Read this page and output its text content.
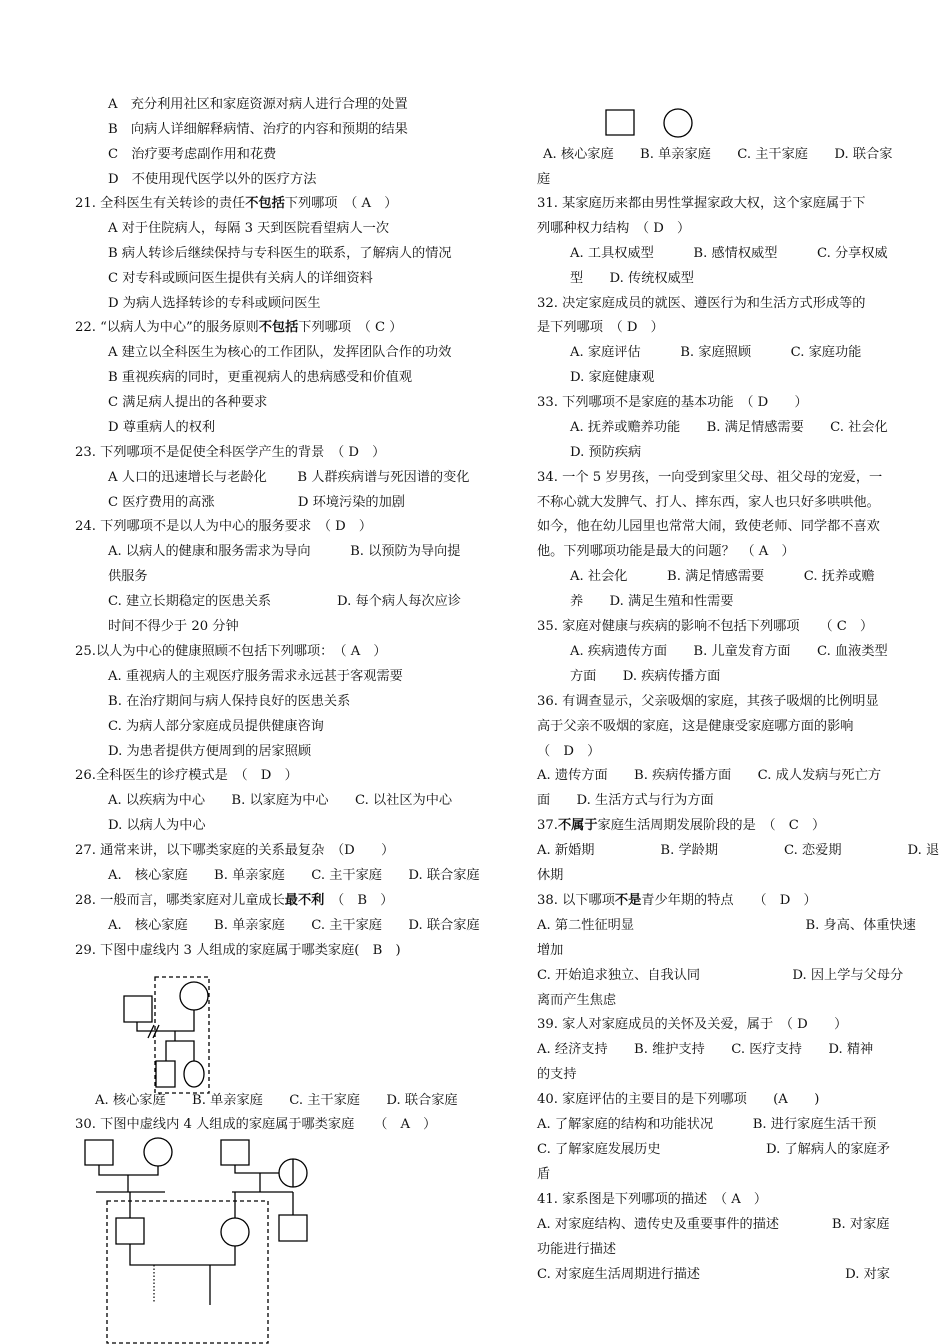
A　充分利用社区和家庭资源对病人进行合理的处置
B　向病人详细解释病情、治疗的内容和预期的结果
C　治疗要考虑副作用和花费
D　不使用现代医学以外的医疗方法
21. 全科医生有关转诊的责任不包括下列哪项　（ A　）
A 对于住院病人，每隔 3 天到医院看望病人一次
B 病人转诊后继续保持与专科医生的联系，了解病人的情况
C 对专科或顾问医生提供有关病人的详细资料
D 为病人选择转诊的专科或顾问医生
22. “以病人为中心”的服务原则不包括下列哪项　（ C ）
A 建立以全科医生为核心的工作团队，发挥团队合作的功效
B 重视疾病的同时，更重视病人的患病感受和价值观
C 满足病人提出的各种要求
D 尊重病人的权利
23. 下列哪项不是促使全科医学产生的背景　（ D　）
A 人口的迅速增长与老龄化　　 B 人群疾病谱与死因谱的变化
C 医疗费用的高涨　　　　　　 D 环境污染的加剧
24. 下列哪项不是以人为中心的服务要求　（ D　）
A. 以病人的健康和服务需求为导向　　　B. 以预防为导向提
供服务
C. 建立长期稳定的医患关系　　　　　D. 每个病人每次应诊
时间不得少于 20 分钟
25.以人为中心的健康照顾不包括下列哪项：　（ A　）
A. 重视病人的主观医疗服务需求永远甚于客观需要
B. 在治疗期间与病人保持良好的医患关系
C. 为病人部分家庭成员提供健康咨询
D. 为患者提供方便周到的居家照顾
26.全科医生的诊疗模式是　（　D　）
A. 以疾病为中心　　B. 以家庭为中心　　C. 以社区为中心
D. 以病人为中心
27. 通常来讲，以下哪类家庭的关系最复杂　（D　　）
A.　核心家庭　　B. 单亲家庭　　C. 主干家庭　　D. 联合家庭
28. 一般而言，哪类家庭对儿童成长最不利　（　B　）
A.　核心家庭　　B. 单亲家庭　　C. 主干家庭　　D. 联合家庭
29. 下图中虚线内 3 人组成的家庭属于哪类家庭(　B　)
A. 核心家庭　　B. 单亲家庭　　C. 主干家庭　　D. 联合家庭
30. 下图中虚线内 4 人组成的家庭属于哪类家庭　　（　A　）
A. 核心家庭　　B. 单亲家庭　　C. 主干家庭　　D. 联合家
庭
31. 某家庭历来都由男性掌握家政大权，这个家庭属于下
列哪种权力结构　（ D　）
A. 工具权威型　　　B. 感情权威型　　　C. 分享权威
型　　D. 传统权威型
32. 决定家庭成员的就医、遵医行为和生活方式形成等的
是下列哪项　（ D　）
A. 家庭评估　　　B. 家庭照顾　　　C. 家庭功能
D. 家庭健康观
33. 下列哪项不是家庭的基本功能　（ D　　）
A. 抚养或赡养功能　　B. 满足情感需要　　C. 社会化
D. 预防疾病
34. 一个 5 岁男孩，一向受到家里父母、祖父母的宠爱，一
不称心就大发脾气、打人、摔东西，家人也只好多哄哄他。
如今，他在幼儿园里也常常大闹，致使老师、同学都不喜欢
他。下列哪项功能是最大的问题？　（ A　）
A. 社会化　　　B. 满足情感需要　　　C. 抚养或赡
养　　D. 满足生殖和性需要
35. 家庭对健康与疾病的影响不包括下列哪项　　（ C　）
A. 疾病遗传方面　　B. 儿童发育方面　　C. 血液类型
方面　　D. 疾病传播方面
36. 有调查显示，父亲吸烟的家庭，其孩子吸烟的比例明显
高于父亲不吸烟的家庭，这是健康受家庭哪方面的影响
（　D　）
A. 遗传方面　　B. 疾病传播方面　　C. 成人发病与死亡方
面　　D. 生活方式与行为方面
37.不属于家庭生活周期发展阶段的是　（　C　）
A. 新婚期　　　　　B. 学龄期　　　　　C. 恋爱期　　　　　D. 退
休期
38. 以下哪项不是青少年期的特点　　（　D　）
A. 第二性征明显　　　　　　　　　　　　　B. 身高、体重快速
增加
C. 开始追求独立、自我认同　　　　　　　D. 因上学与父母分
离而产生焦虑
39. 家人对家庭成员的关怀及关爱，属于　（ D　　）
A. 经济支持　　B. 维护支持　　C. 医疗支持　　D. 精神
的支持
40. 家庭评估的主要目的是下列哪项　　(A　　)
A. 了解家庭的结构和功能状况　　　B. 进行家庭生活干预
C. 了解家庭发展历史　　　　　　　　D. 了解病人的家庭矛
盾
41. 家系图是下列哪项的描述　（ A　）
A. 对家庭结构、遗传史及重要事件的描述　　　　B. 对家庭
功能进行描述
C. 对家庭生活周期进行描述　　　　　　　　　　　D. 对家
